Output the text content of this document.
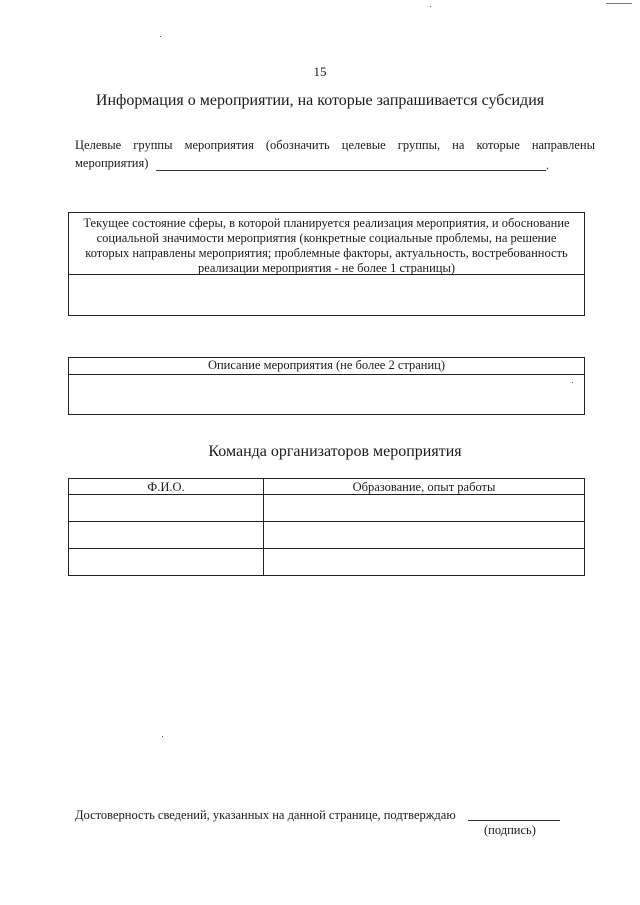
15
Информация о мероприятии, на которые запрашивается субсидия
Целевые группы мероприятия (обозначить целевые группы, на которые направлены
мероприятия)	.
Текущее состояние сферы, в которой планируется реализация мероприятия, и обоснование
социальной значимости мероприятия (конкретные социальные проблемы, на решение
которых направлены мероприятия; проблемные факторы, актуальность, востребованность
реализации мероприятия - не более 1 страницы)
Описание мероприятия (не более 2 страниц)
Команда организаторов мероприятия
Ф.И.О.	Образование, опыт работы

Достоверность сведений, указанных на данной странице, подтверждаю
(подпись)
